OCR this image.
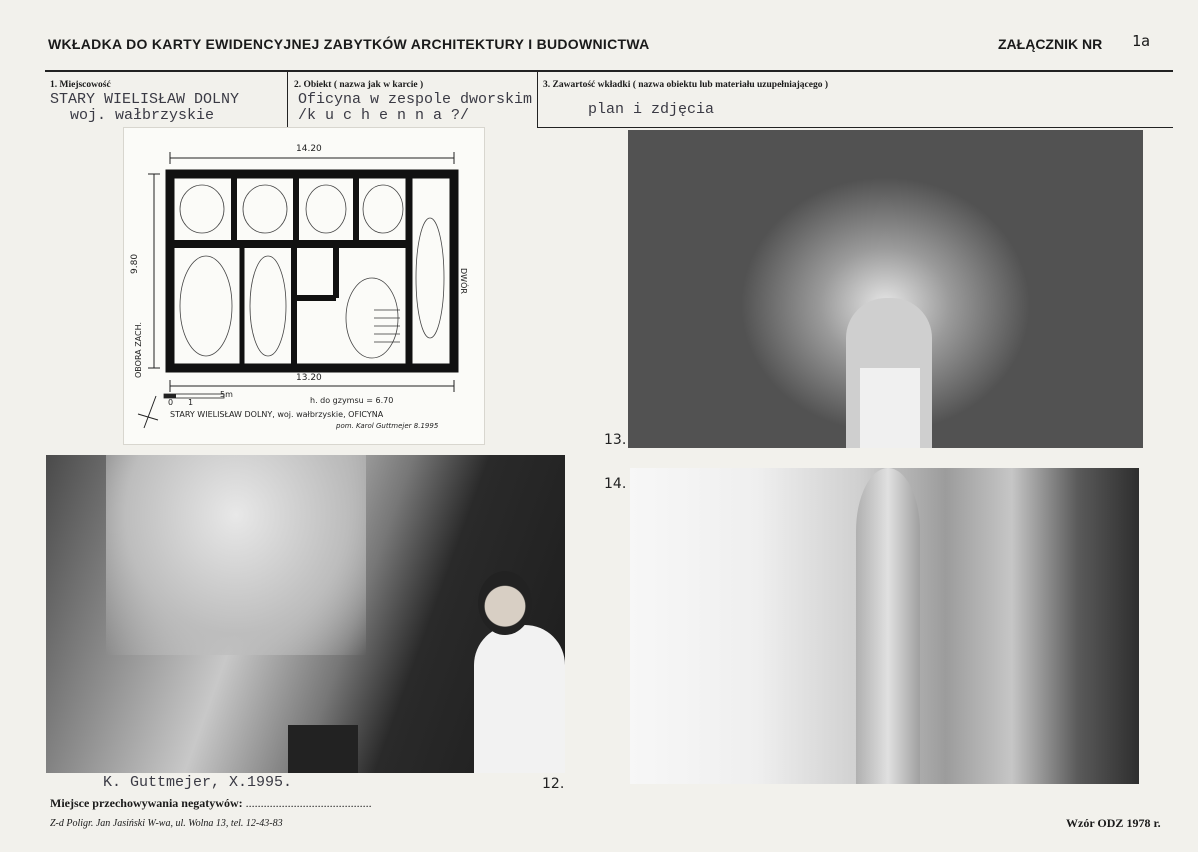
WKŁADKA DO KARTY EWIDENCYJNEJ ZABYTKÓW ARCHITEKTURY I BUDOWNICTWA	ZAŁĄCZNIK NR 1a
1. Miejscowość
STARY WIELISŁAW DOLNY
woj. wałbrzyskie
2. Obiekt ( nazwa jak w karcie )
Oficyna w zespole dworskim
/k u c h e n n a ?/
3. Zawartość wkładki ( nazwa obiektu lub materiału uzupełniającego )
plan i zdjęcia
14.20
13.20
9.80
OBORA ZACH.
DWÓR
0 1
5m
h. do gzymsu = 6.70
STARY WIELISŁAW DOLNY, woj. wałbrzyskie, OFICYNA
pom. Karol Guttmejer 8.1995
13.
14.
12.
K. Guttmejer, X.1995.
Miejsce przechowywania negatywów: ..........................................
Z-d Poligr. Jan Jasiński W-wa, ul. Wolna 13, tel. 12-43-83	Wzór ODZ 1978 r.
